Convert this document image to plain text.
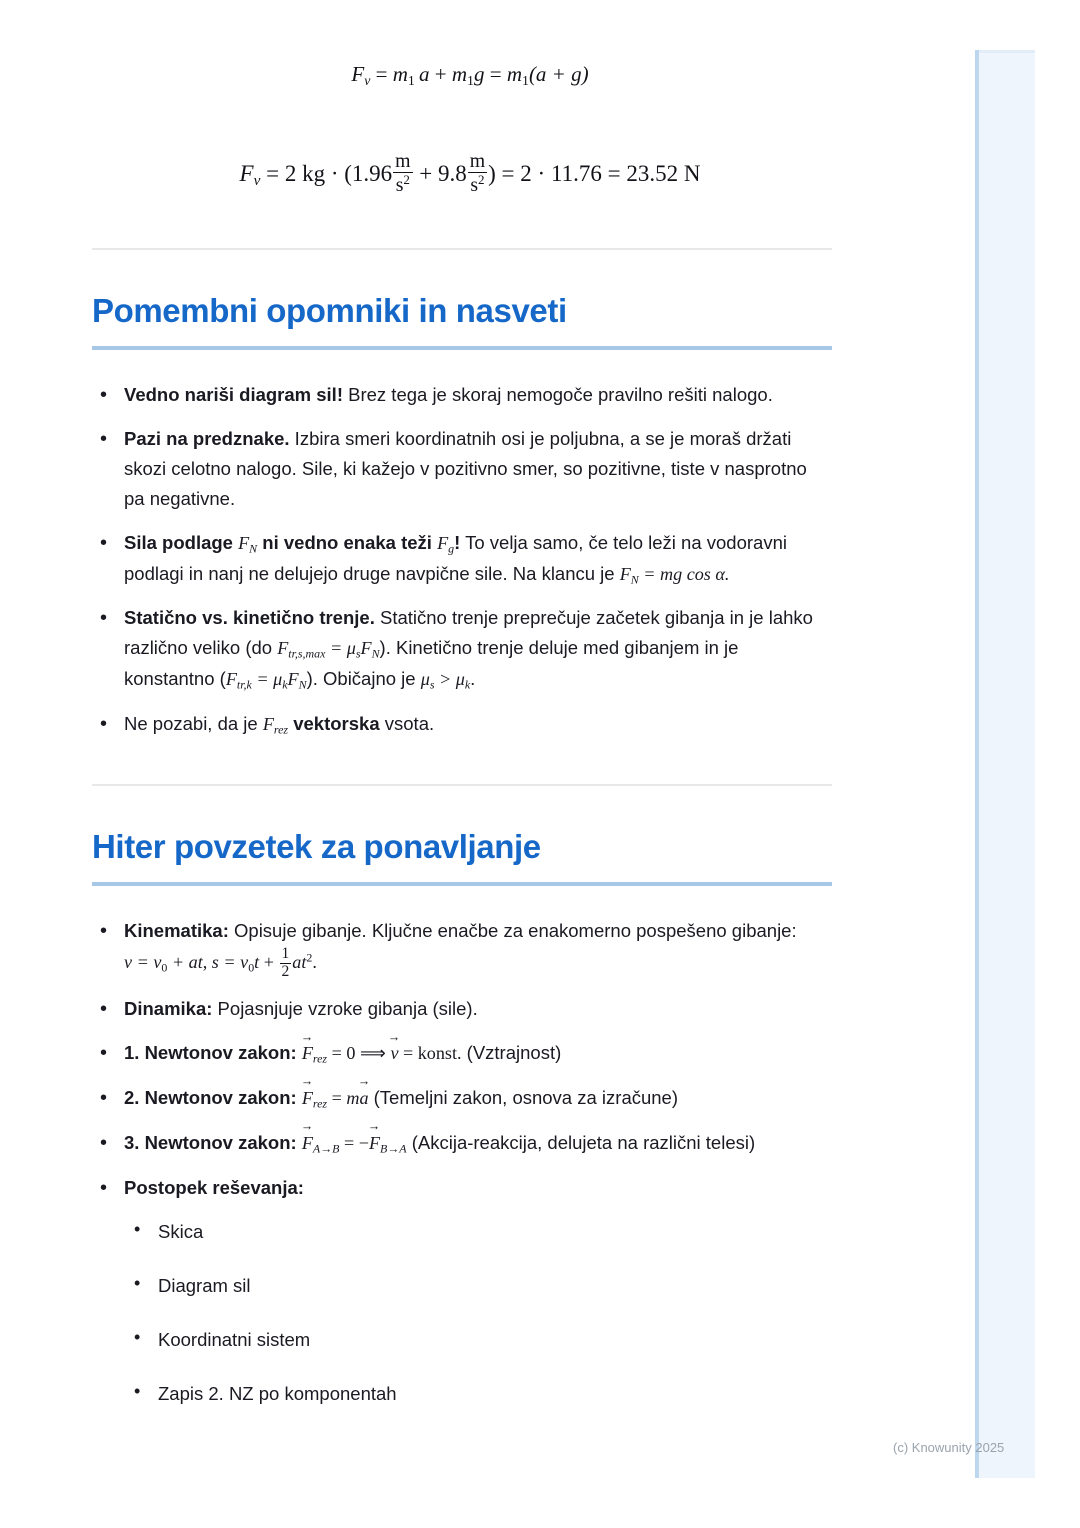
$F_v = m_1$  $a + m_1g = m_1(a + g)$
$F_v = 2$ kg · ($1.96 \frac{m}{s^2} + 9.8 \frac{m}{s^2}$ ) = 2 · 11.76 = 23.52 N
Pomembni opomniki in nasveti
• Vedno nariši diagram sil! Brez tega je skoraj nemogoče pravilno rešiti nalogo.
• Pazi na predznake. Izbira smeri koordinatnih osi je poljubna, a se je moraš držati skozi celotno nalogo. Sile, ki kažejo v pozitivno smer, so pozitivne, tiste v nasprotno pa negativne.
• Sila podlage $F_N$ ni vedno enaka teži $F_g$! To velja samo, če telo leži na vodoravni podlagi in nanj ne delujejo druge navpične sile. Na klancu je $F_N$ = mg cos α.
• Statično vs. kinetično trenje. Statično trenje preprečuje začetek gibanja in je lahko različno veliko (do $F_{tr,s,max} = \mu_sF_N$). Kinetično trenje deluje med gibanjem in je konstantno $(F_{tr,k} = \mu_kF_N)$. Običajno je $\mu_s > \mu_k$.
• Ne pozabi, da je $F_{rez}$ vektorska vsota.
Hiter povzetek za ponavljanje
• Kinematika: Opisuje gibanje. Ključne enačbe za enakomerno pospešeno gibanje: $v = v_0$ + at, $s = v_0t + \frac{1}{2} at^2$.
• Dinamika: Pojasnjuje vzroke gibanja (sile).
• 1. Newtonov zakon: $F \to_{rez} = 0$ ⟹ v → = konst. (Vztrajnost)
• 2. Newtonov zakon: $F \to_{rez}$ = ma → (Temeljni zakon, osnova za izračune)
• 3. Newtonov zakon: $F \to_{A\to B} = -F \to_{B\to A}$ (Akcija-reakcija, delujeta na različni telesi)
• Postopek reševanja:
• Skica
• Diagram sil
• Koordinatni sistem
• Zapis 2. NZ po komponentah
(c) Knowunity 2025
